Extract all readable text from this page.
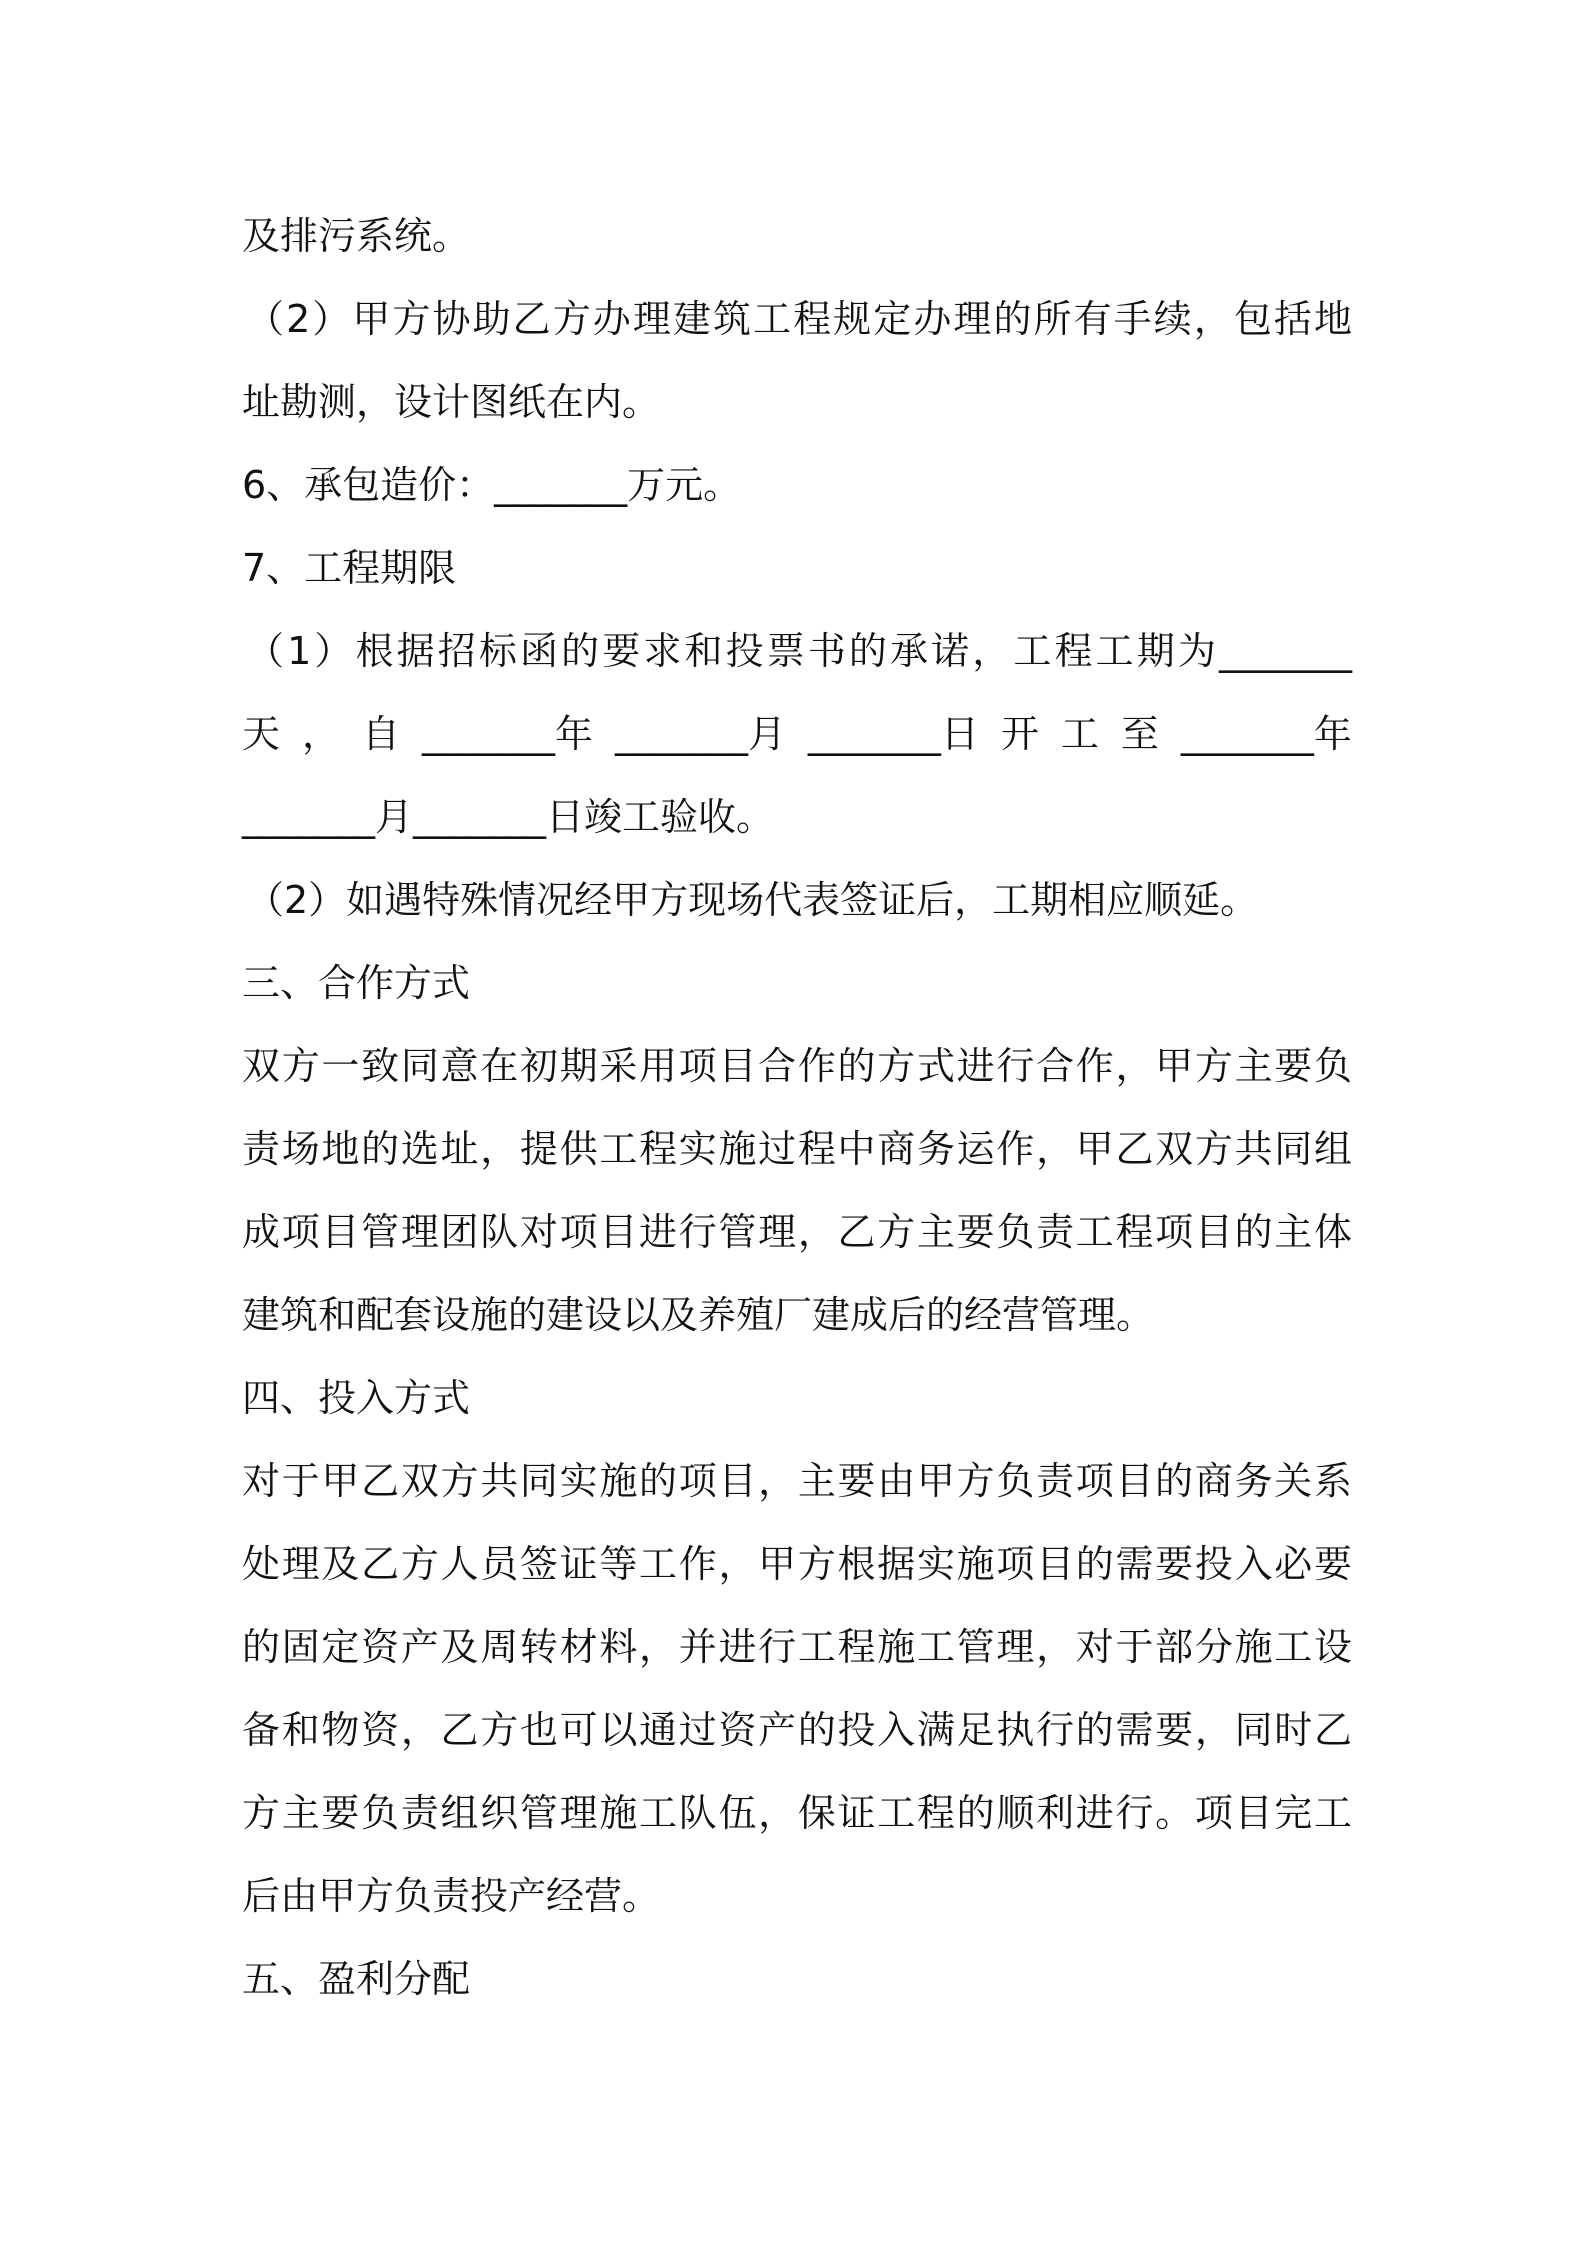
及排污系统。

（2）甲方协助乙方办理建筑工程规定办理的所有手续，包括地

址勘测，设计图纸在内。

6、承包造价：_______万元。

7、工程期限

（1）根据招标函的要求和投票书的承诺，工程工期为_______

天 ， 自 _______年 _______月 _______日 开 工 至 _______年

_______月_______日竣工验收。

（2）如遇特殊情况经甲方现场代表签证后，工期相应顺延。

三、合作方式

双方一致同意在初期采用项目合作的方式进行合作，甲方主要负

责场地的选址，提供工程实施过程中商务运作，甲乙双方共同组

成项目管理团队对项目进行管理，乙方主要负责工程项目的主体

建筑和配套设施的建设以及养殖厂建成后的经营管理。

四、投入方式

对于甲乙双方共同实施的项目，主要由甲方负责项目的商务关系

处理及乙方人员签证等工作，甲方根据实施项目的需要投入必要

的固定资产及周转材料，并进行工程施工管理，对于部分施工设

备和物资，乙方也可以通过资产的投入满足执行的需要，同时乙

方主要负责组织管理施工队伍，保证工程的顺利进行。项目完工

后由甲方负责投产经营。

五、盈利分配
